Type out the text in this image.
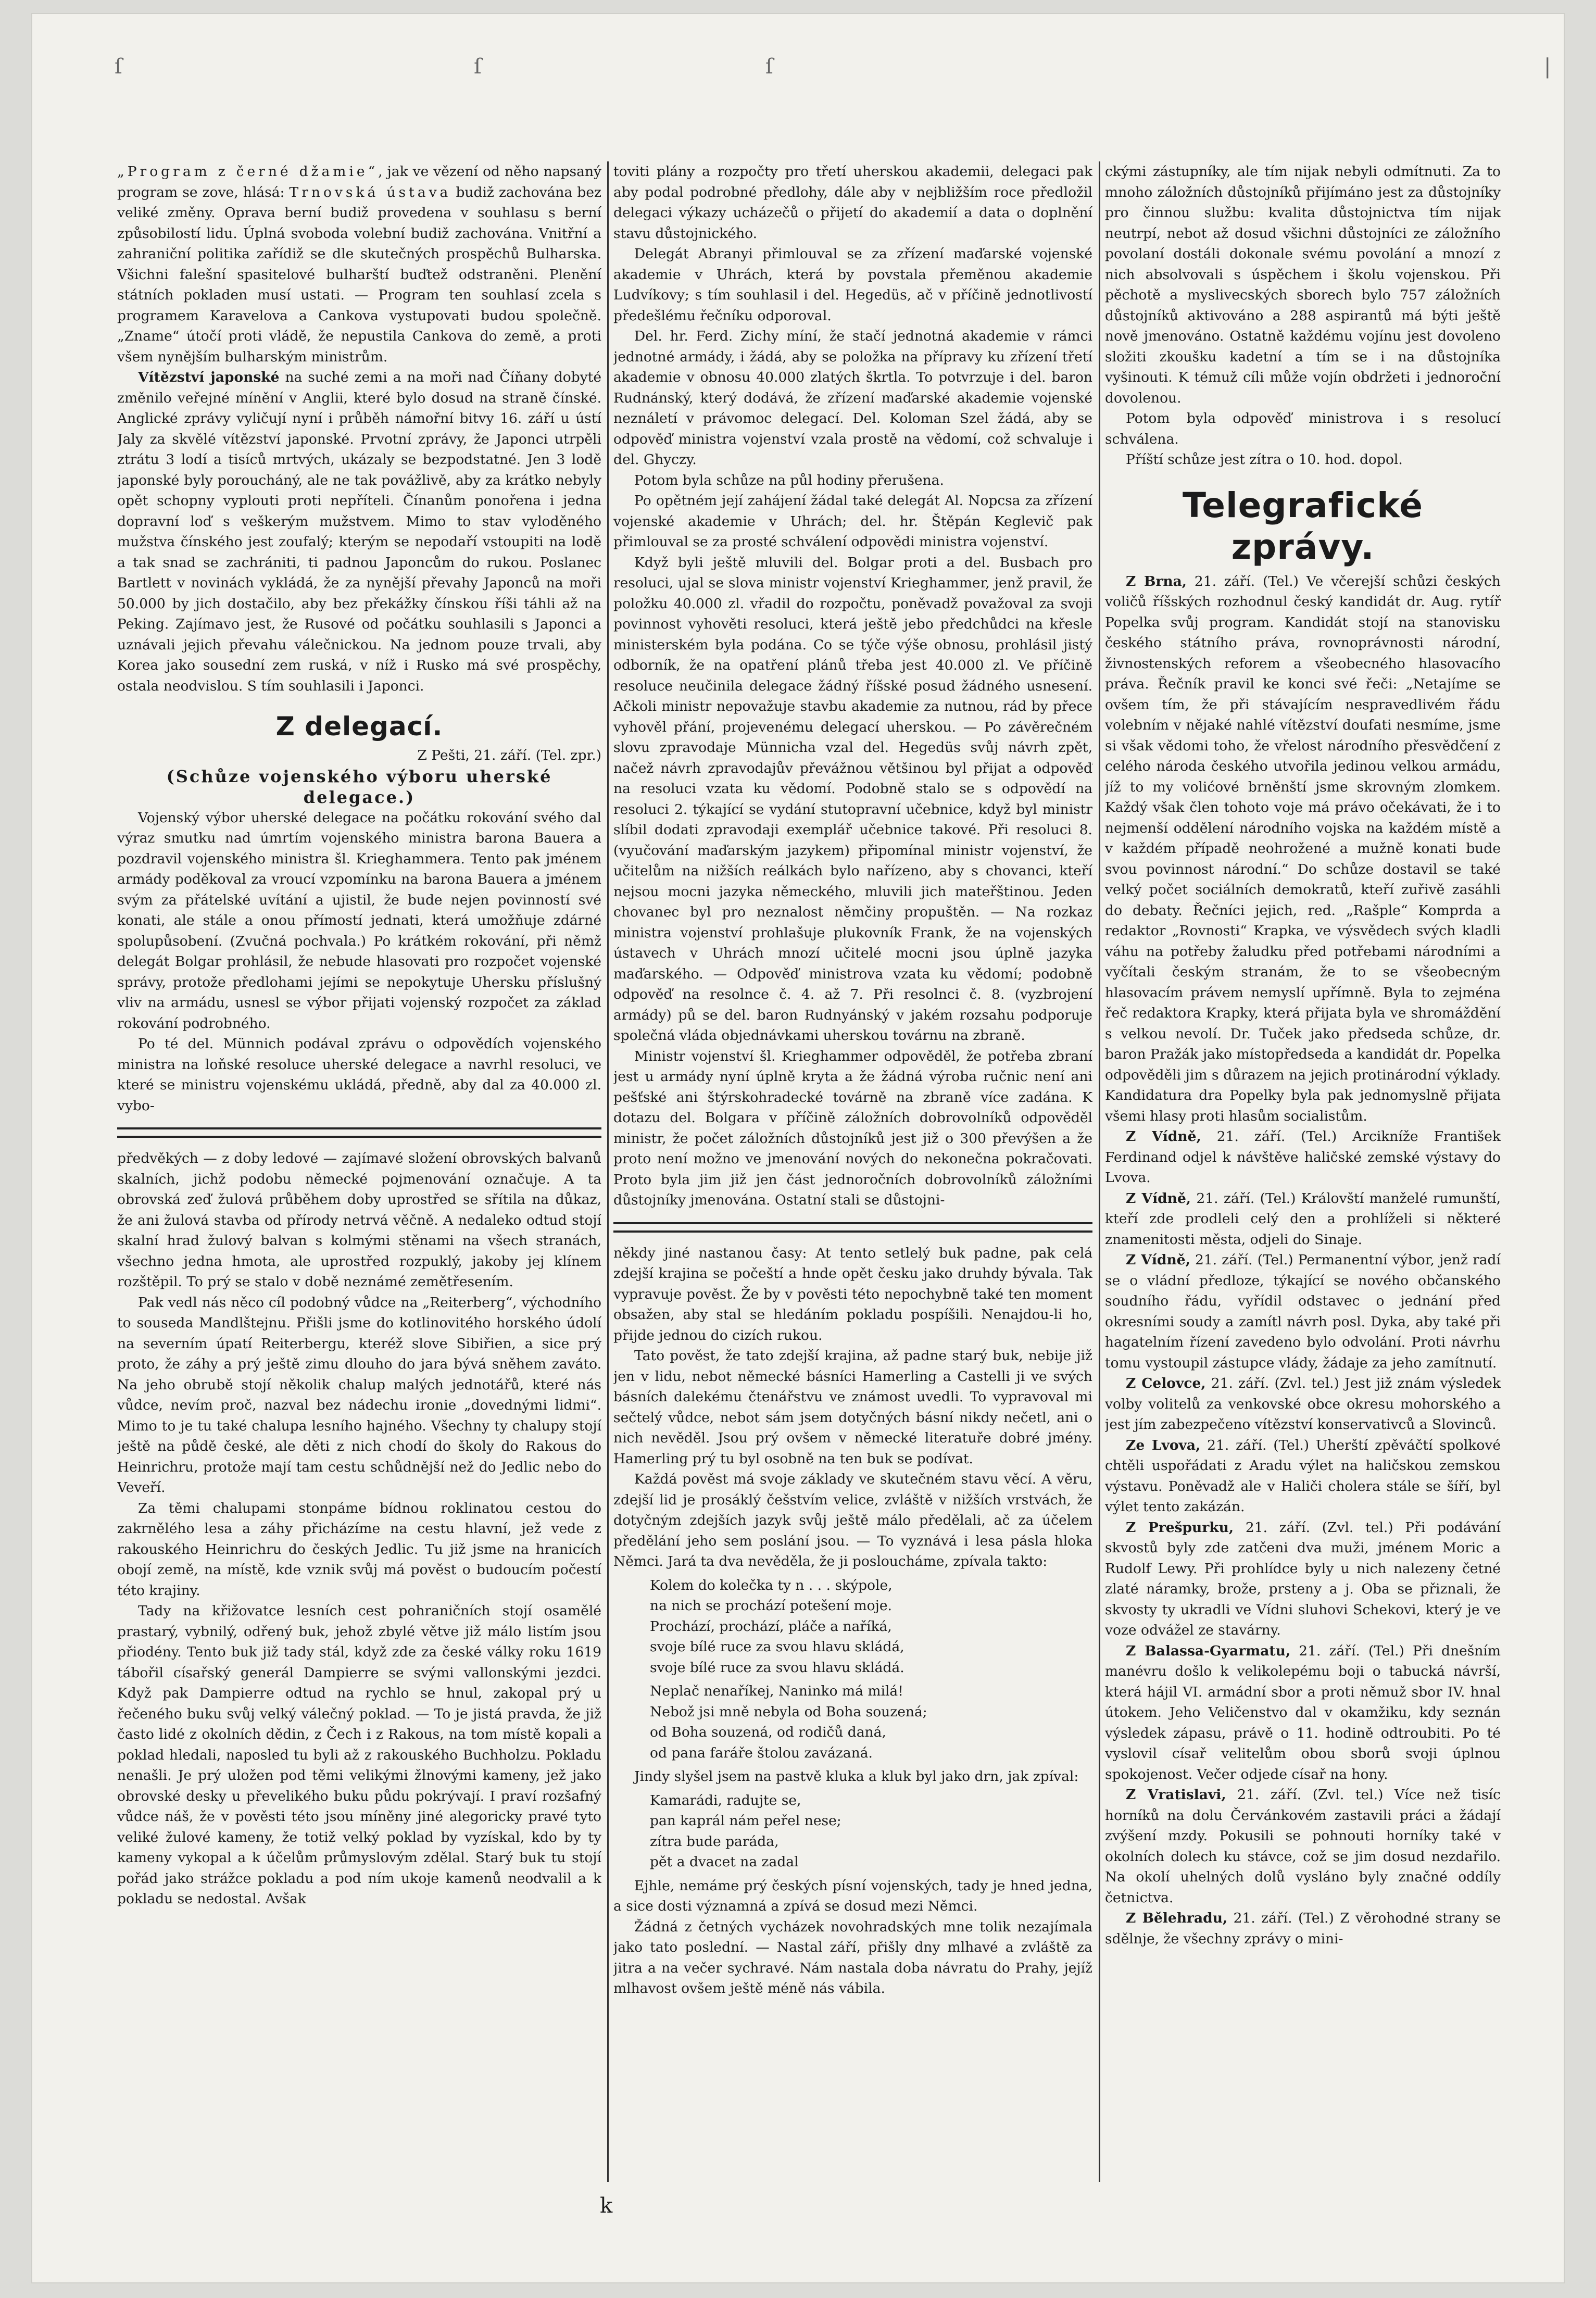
ſ	ſ	ſ	|

„Program z černé džamie“, jak ve vězení od něho napsaný program se zove, hlásá: Trnovská ústava budiž zachována bez veliké změny. Oprava berní budiž provedena v souhlasu s berní způsobilostí lidu. Úplná svoboda volební budiž zachována. Vnitřní a zahraniční politika zařídiž se dle skutečných prospěchů Bulharska. Všichni falešní spasitelové bulharští buďtež odstraněni. Plenění státních pokladen musí ustati. — Program ten souhlasí zcela s programem Karavelova a Cankova vystupovati budou společně. „Zname“ útočí proti vládě, že nepustila Cankova do země, a proti všem nynějším bulharským ministrům.

Vítězství japonské na suché zemi a na moři nad Číňany dobyté změnilo veřejné mínění v Anglii, které bylo dosud na straně čínské. Anglické zprávy vyličují nyní i průběh námořní bitvy 16. září u ústí Jaly za skvělé vítězství japonské. Prvotní zprávy, že Japonci utrpěli ztrátu 3 lodí a tisíců mrtvých, ukázaly se bezpodstatné. Jen 3 lodě japonské byly poroucháný, ale ne tak povážlivě, aby za krátko nebyly opět schopny vyplouti proti nepříteli. Čínanům ponořena i jedna dopravní loď s veškerým mužstvem. Mimo to stav vyloděného mužstva čínského jest zoufalý; kterým se nepodaří vstoupiti na lodě a tak snad se zachrániti, ti padnou Japoncům do rukou. Poslanec Bartlett v novinách vykládá, že za nynější převahy Japonců na moři 50.000 by jich dostačilo, aby bez překážky čínskou říši táhli až na Peking. Zajímavo jest, že Rusové od počátku souhlasili s Japonci a uznávali jejich převahu válečnickou. Na jednom pouze trvali, aby Korea jako sousední zem ruská, v níž i Rusko má své prospěchy, ostala neodvislou. S tím souhlasili i Japonci.

Z delegací.
Z Pešti, 21. září. (Tel. zpr.)
(Schůze vojenského výboru uherské delegace.)

Vojenský výbor uherské delegace na počátku rokování svého dal výraz smutku nad úmrtím vojenského ministra barona Bauera a pozdravil vojenského ministra šl. Krieghammera. Tento pak jménem armády poděkoval za vroucí vzpomínku na barona Bauera a jménem svým za přátelské uvítání a ujistil, že bude nejen povinností své konati, ale stále a onou přímostí jednati, která umožňuje zdárné spolupůsobení. (Zvučná pochvala.) Po krátkém rokování, při němž delegát Bolgar prohlásil, že nebude hlasovati pro rozpočet vojenské správy, protože předlohami jejími se nepokytuje Uhersku příslušný vliv na armádu, usnesl se výbor přijati vojenský rozpočet za základ rokování podrobného.

Po té del. Münnich podával zprávu o odpovědích vojenského ministra na loňské resoluce uherské delegace a navrhl resoluci, ve které se ministru vojenskému ukládá, předně, aby dal za 40.000 zl. vybo-

předvěkých — z doby ledové — zajímavé složení obrovských balvanů skalních, jichž podobu německé pojmenování označuje. A ta obrovská zeď žulová průběhem doby uprostřed se sřítila na důkaz, že ani žulová stavba od přírody netrvá věčně. A nedaleko odtud stojí skalní hrad žulový balvan s kolmými stěnami na všech stranách, všechno jedna hmota, ale uprostřed rozpuklý, jakoby jej klínem rozštěpil. To prý se stalo v době neznámé zemětřesením.

Pak vedl nás něco cíl podobný vůdce na „Reiterberg“, východního to souseda Mandlštejnu. Přišli jsme do kotlinovitého horského údolí na severním úpatí Reiterbergu, kteréž slove Sibiřien, a sice prý proto, že záhy a prý ještě zimu dlouho do jara bývá sněhem zaváto. Na jeho obrubě stojí několik chalup malých jednotářů, které nás vůdce, nevím proč, nazval bez nádechu ironie „dovednými lidmi“. Mimo to je tu také chalupa lesního hajného. Všechny ty chalupy stojí ještě na půdě české, ale děti z nich chodí do školy do Rakous do Heinrichru, protože mají tam cestu schůdnější než do Jedlic nebo do Veveří.

Za těmi chalupami stonpáme bídnou roklinatou cestou do zakrnělého lesa a záhy přicházíme na cestu hlavní, jež vede z rakouského Heinrichru do českých Jedlic. Tu již jsme na hranicích obojí země, na místě, kde vznik svůj má pověst o budoucím počestí této krajiny.

Tady na křižovatce lesních cest pohraničních stojí osamělé prastarý, vybnilý, odřený buk, jehož zbylé větve již málo listím jsou přiodény. Tento buk již tady stál, když zde za české války roku 1619 tábořil císařský generál Dampierre se svými vallonskými jezdci. Když pak Dampierre odtud na rychlo se hnul, zakopal prý u řečeného buku svůj velký válečný poklad. — To je jistá pravda, že již často lidé z okolních dědin, z Čech i z Rakous, na tom místě kopali a poklad hledali, naposled tu byli až z rakouského Buchholzu. Pokladu nenašli. Je prý uložen pod těmi velikými žlnovými kameny, jež jako obrovské desky u převelikého buku půdu pokrývají. I praví rozšafný vůdce náš, že v pověsti této jsou míněny jiné alegoricky pravé tyto veliké žulové kameny, že totiž velký poklad by vyzískal, kdo by ty kameny vykopal a k účelům průmyslovým zdělal. Starý buk tu stojí pořád jako strážce pokladu a pod ním ukoje kamenů neodvalil a k pokladu se nedostal. Avšak

toviti plány a rozpočty pro třetí uherskou akademii, delegaci pak aby podal podrobné předlohy, dále aby v nejbližším roce předložil delegaci výkazy ucházečů o přijetí do akademií a data o doplnění stavu důstojnického.

Delegát Abranyi přimlouval se za zřízení maďarské vojenské akademie v Uhrách, která by povstala přeměnou akademie Ludvíkovy; s tím souhlasil i del. Hegedüs, ač v příčině jednotlivostí předešlému řečníku odporoval.

Del. hr. Ferd. Zichy míní, že stačí jednotná akademie v rámci jednotné armády, i žádá, aby se položka na přípravy ku zřízení třetí akademie v obnosu 40.000 zlatých škrtla. To potvrzuje i del. baron Rudnánský, který dodává, že zřízení maďarské akademie vojenské neználetí v právomoc delegací. Del. Koloman Szel žádá, aby se odpověď ministra vojenství vzala prostě na vědomí, což schvaluje i del. Ghyczy.

Potom byla schůze na půl hodiny přerušena.

Po opětném její zahájení žádal také delegát Al. Nopcsa za zřízení vojenské akademie v Uhrách; del. hr. Štěpán Keglevič pak přimlouval se za prosté schválení odpovědi ministra vojenství.

Když byli ještě mluvili del. Bolgar proti a del. Busbach pro resoluci, ujal se slova ministr vojenství Krieghammer, jenž pravil, že položku 40.000 zl. vřadil do rozpočtu, poněvadž považoval za svoji povinnost vyhověti resoluci, která ještě jebo předchůdci na křesle ministerském byla podána. Co se týče výše obnosu, prohlásil jistý odborník, že na opatření plánů třeba jest 40.000 zl. Ve příčině resoluce neučinila delegace žádný říšské posud žádného usnesení. Ačkoli ministr nepovažuje stavbu akademie za nutnou, rád by přece vyhověl přání, projevenému delegací uherskou. — Po závěrečném slovu zpravodaje Münnicha vzal del. Hegedüs svůj návrh zpět, načež návrh zpravodajův převážnou většinou byl přijat a odpověď na resoluci vzata ku vědomí. Podobně stalo se s odpovědí na resoluci 2. týkající se vydání stutopravní učebnice, když byl ministr slíbil dodati zpravodaji exemplář učebnice takové. Při resoluci 8. (vyučování maďarským jazykem) připomínal ministr vojenství, že učitelům na nižších reálkách bylo nařízeno, aby s chovanci, kteří nejsou mocni jazyka německého, mluvili jich mateřštinou. Jeden chovanec byl pro neznalost němčiny propuštěn. — Na rozkaz ministra vojenství prohlašuje plukovník Frank, že na vojenských ústavech v Uhrách mnozí učitelé mocni jsou úplně jazyka maďarského. — Odpověď ministrova vzata ku vědomí; podobně odpověď na resolnce č. 4. až 7. Při resolnci č. 8. (vyzbrojení armády) pů se del. baron Rudnyánský v jakém rozsahu podporuje společná vláda objednávkami uherskou továrnu na zbraně.

Ministr vojenství šl. Krieghammer odpověděl, že potřeba zbraní jest u armády nyní úplně kryta a že žádná výroba ručnic není ani pešťské ani štýrskohradecké továrně na zbraně více zadána. K dotazu del. Bolgara v příčině záložních dobrovolníků odpověděl ministr, že počet záložních důstojníků jest již o 300 převýšen a že proto není možno ve jmenování nových do nekonečna pokračovati. Proto byla jim již jen část jednoročních dobrovolníků záložními důstojníky jmenována. Ostatní stali se důstojni-

někdy jiné nastanou časy: At tento setlelý buk padne, pak celá zdejší krajina se počeští a hnde opět česku jako druhdy bývala. Tak vypravuje pověst. Že by v pověsti této nepochybně také ten moment obsažen, aby stal se hledáním pokladu pospíšili. Nenajdou-li ho, přijde jednou do cizích rukou.

Tato pověst, že tato zdejší krajina, až padne starý buk, nebije již jen v lidu, nebot německé básníci Hamerling a Castelli ji ve svých básních dalekému čtenářstvu ve známost uvedli. To vypravoval mi sečtelý vůdce, nebot sám jsem dotyčných básní nikdy nečetl, ani o nich nevěděl. Jsou prý ovšem v německé literatuře dobré jmény. Hamerling prý tu byl osobně na ten buk se podívat.

Každá pověst má svoje základy ve skutečném stavu věcí. A věru, zdejší lid je prosáklý češstvím velice, zvláště v nižších vrstvách, že dotyčným zdejších jazyk svůj ještě málo předělali, ač za účelem předělání jeho sem poslání jsou. — To vyznává i lesa pásla hloka Němci. Jará ta dva nevěděla, že ji posloucháme, zpívala takto:

Kolem do kolečka ty n . . . skýpole,
na nich se prochází potešení moje.
Prochází, prochází, pláče a naříká,
svoje bílé ruce za svou hlavu skládá,
svoje bílé ruce za svou hlavu skládá.
Neplač nenaříkej, Naninko má milá!
Nebož jsi mně nebyla od Boha souzená;
od Boha souzená, od rodičů daná,
od pana faráře štolou zavázaná.

Jindy slyšel jsem na pastvě kluka a kluk byl jako drn, jak zpíval:

Kamarádi, radujte se,
pan kaprál nám peřel nese;
zítra bude paráda,
pět a dvacet na zadal

Ejhle, nemáme prý českých písní vojenských, tady je hned jedna, a sice dosti významná a zpívá se dosud mezi Němci.

Žádná z četných vycházek novohradských mne tolik nezajímala jako tato poslední. — Nastal září, přišly dny mlhavé a zvláště za jitra a na večer sychravé. Nám nastala doba návratu do Prahy, jejíž mlhavost ovšem ještě méně nás vábila.

ckými zástupníky, ale tím nijak nebyli odmítnuti. Za to mnoho záložních důstojníků přijímáno jest za důstojníky pro činnou službu: kvalita důstojnictva tím nijak neutrpí, nebot až dosud všichni důstojníci ze záložního povolaní dostáli dokonale svému povolání a mnozí z nich absolvovali s úspěchem i školu vojenskou. Při pěchotě a myslivecských sborech bylo 757 záložních důstojníků aktivováno a 288 aspirantů má býti ještě nově jmenováno. Ostatně každému vojínu jest dovoleno složiti zkoušku kadetní a tím se i na důstojníka vyšinouti. K témuž cíli může vojín obdržeti i jednoroční dovolenou.

Potom byla odpověď ministrova i s resolucí schválena.

Příští schůze jest zítra o 10. hod. dopol.

Telegrafické zprávy.

Z Brna, 21. září. (Tel.) Ve včerejší schůzi českých voličů říšských rozhodnul český kandidát dr. Aug. rytíř Popelka svůj program. Kandidát stojí na stanovisku českého státního práva, rovnoprávnosti národní, živnostenských reforem a všeobecného hlasovacího práva. Řečník pravil ke konci své řeči: „Netajíme se ovšem tím, že při stávajícím nespravedlivém řádu volebním v nějaké nahlé vítězství doufati nesmíme, jsme si však vědomi toho, že vřelost národního přesvědčení z celého národa českého utvořila jedinou velkou armádu, jíž to my volićové brněnští jsme skrovným zlomkem. Každý však člen tohoto voje má právo očekávati, že i to nejmenší oddělení národního vojska na každém místě a v každém případě neohrožené a mužně konati bude svou povinnost národní.“ Do schůze dostavil se také velký počet sociálních demokratů, kteří zuřivě zasáhli do debaty. Řečníci jejich, red. „Rašple“ Komprda a redaktor „Rovnosti“ Krapka, ve výsvědech svých kladli váhu na potřeby žaludku před potřebami národními a vyčítali českým stranám, že to se všeobecným hlasovacím právem nemyslí upřímně. Byla to zejména řeč redaktora Krapky, která přijata byla ve shromáždění s velkou nevolí. Dr. Tuček jako předseda schůze, dr. baron Pražák jako místopředseda a kandidát dr. Popelka odpověděli jim s důrazem na jejich protinárodní výklady. Kandidatura dra Popelky byla pak jednomyslně přijata všemi hlasy proti hlasům socialistům.

Z Vídně, 21. září. (Tel.) Arcikníže František Ferdinand odjel k návštěve haličské zemské výstavy do Lvova.

Z Vídně, 21. září. (Tel.) Královští manželé rumunští, kteří zde prodleli celý den a prohlíželi si některé znamenitosti města, odjeli do Sinaje.

Z Vídně, 21. září. (Tel.) Permanentní výbor, jenž radí se o vládní předloze, týkající se nového občanského soudního řádu, vyřídil odstavec o jednání před okresními soudy a zamítl návrh posl. Dyka, aby také při hagatelním řízení zavedeno bylo odvolání. Proti návrhu tomu vystoupil zástupce vlády, žádaje za jeho zamítnutí.

Z Celovce, 21. září. (Zvl. tel.) Jest již znám výsledek volby volitelů za venkovské obce okresu mohorského a jest jím zabezpečeno vítězství konservativců a Slovinců.

Ze Lvova, 21. září. (Tel.) Uherští zpěváčtí spolkové chtěli uspořádati z Aradu výlet na haličskou zemskou výstavu. Poněvadž ale v Haliči cholera stále se šíří, byl výlet tento zakázán.

Z Prešpurku, 21. září. (Zvl. tel.) Při podávání skvostů byly zde zatčeni dva muži, jménem Moric a Rudolf Lewy. Při prohlídce byly u nich nalezeny četné zlaté náramky, brože, prsteny a j. Oba se přiznali, že skvosty ty ukradli ve Vídni sluhovi Schekovi, který je ve voze odvážel ze stavárny.

Z Balassa-Gyarmatu, 21. září. (Tel.) Při dnešním manévru došlo k velikolepému boji o tabucká návrší, která hájil VI. armádní sbor a proti němuž sbor IV. hnal útokem. Jeho Veličenstvo dal v okamžiku, kdy seznán výsledek zápasu, právě o 11. hodině odtroubiti. Po té vyslovil císař velitelům obou sborů svoji úplnou spokojenost. Večer odjede císař na hony.

Z Vratislavi, 21. září. (Zvl. tel.) Více než tisíc horníků na dolu Červánkovém zastavili práci a žádají zvýšení mzdy. Pokusili se pohnouti horníky také v okolních dolech ku stávce, což se jim dosud nezdařilo. Na okolí uhelných dolů vysláno byly značné oddíly četnictva.

Z Bělehradu, 21. září. (Tel.) Z věrohodné strany se sdělnje, že všechny zprávy o mini-

k
